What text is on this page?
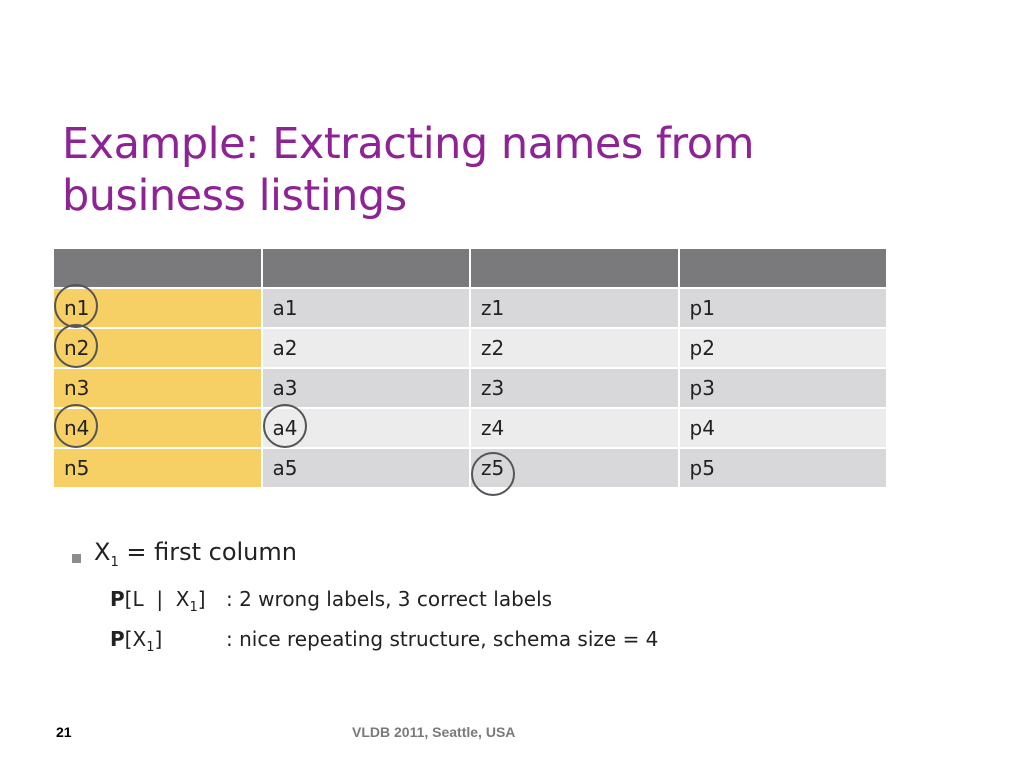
Example: Extracting names from
business listings

n1	a1	z1	p1

n2	a2	z2	p2
n3	a3	z3	p3

n4	a4	z4	p4
n5	a5	z5	p5
$X_1$ = first column
P[L  |  $X_1$] : 2 wrong labels, 3 correct labels
$P[X_1]$	: nice repeating structure, schema size = 4
21	VLDB 2011, Seattle, USA
